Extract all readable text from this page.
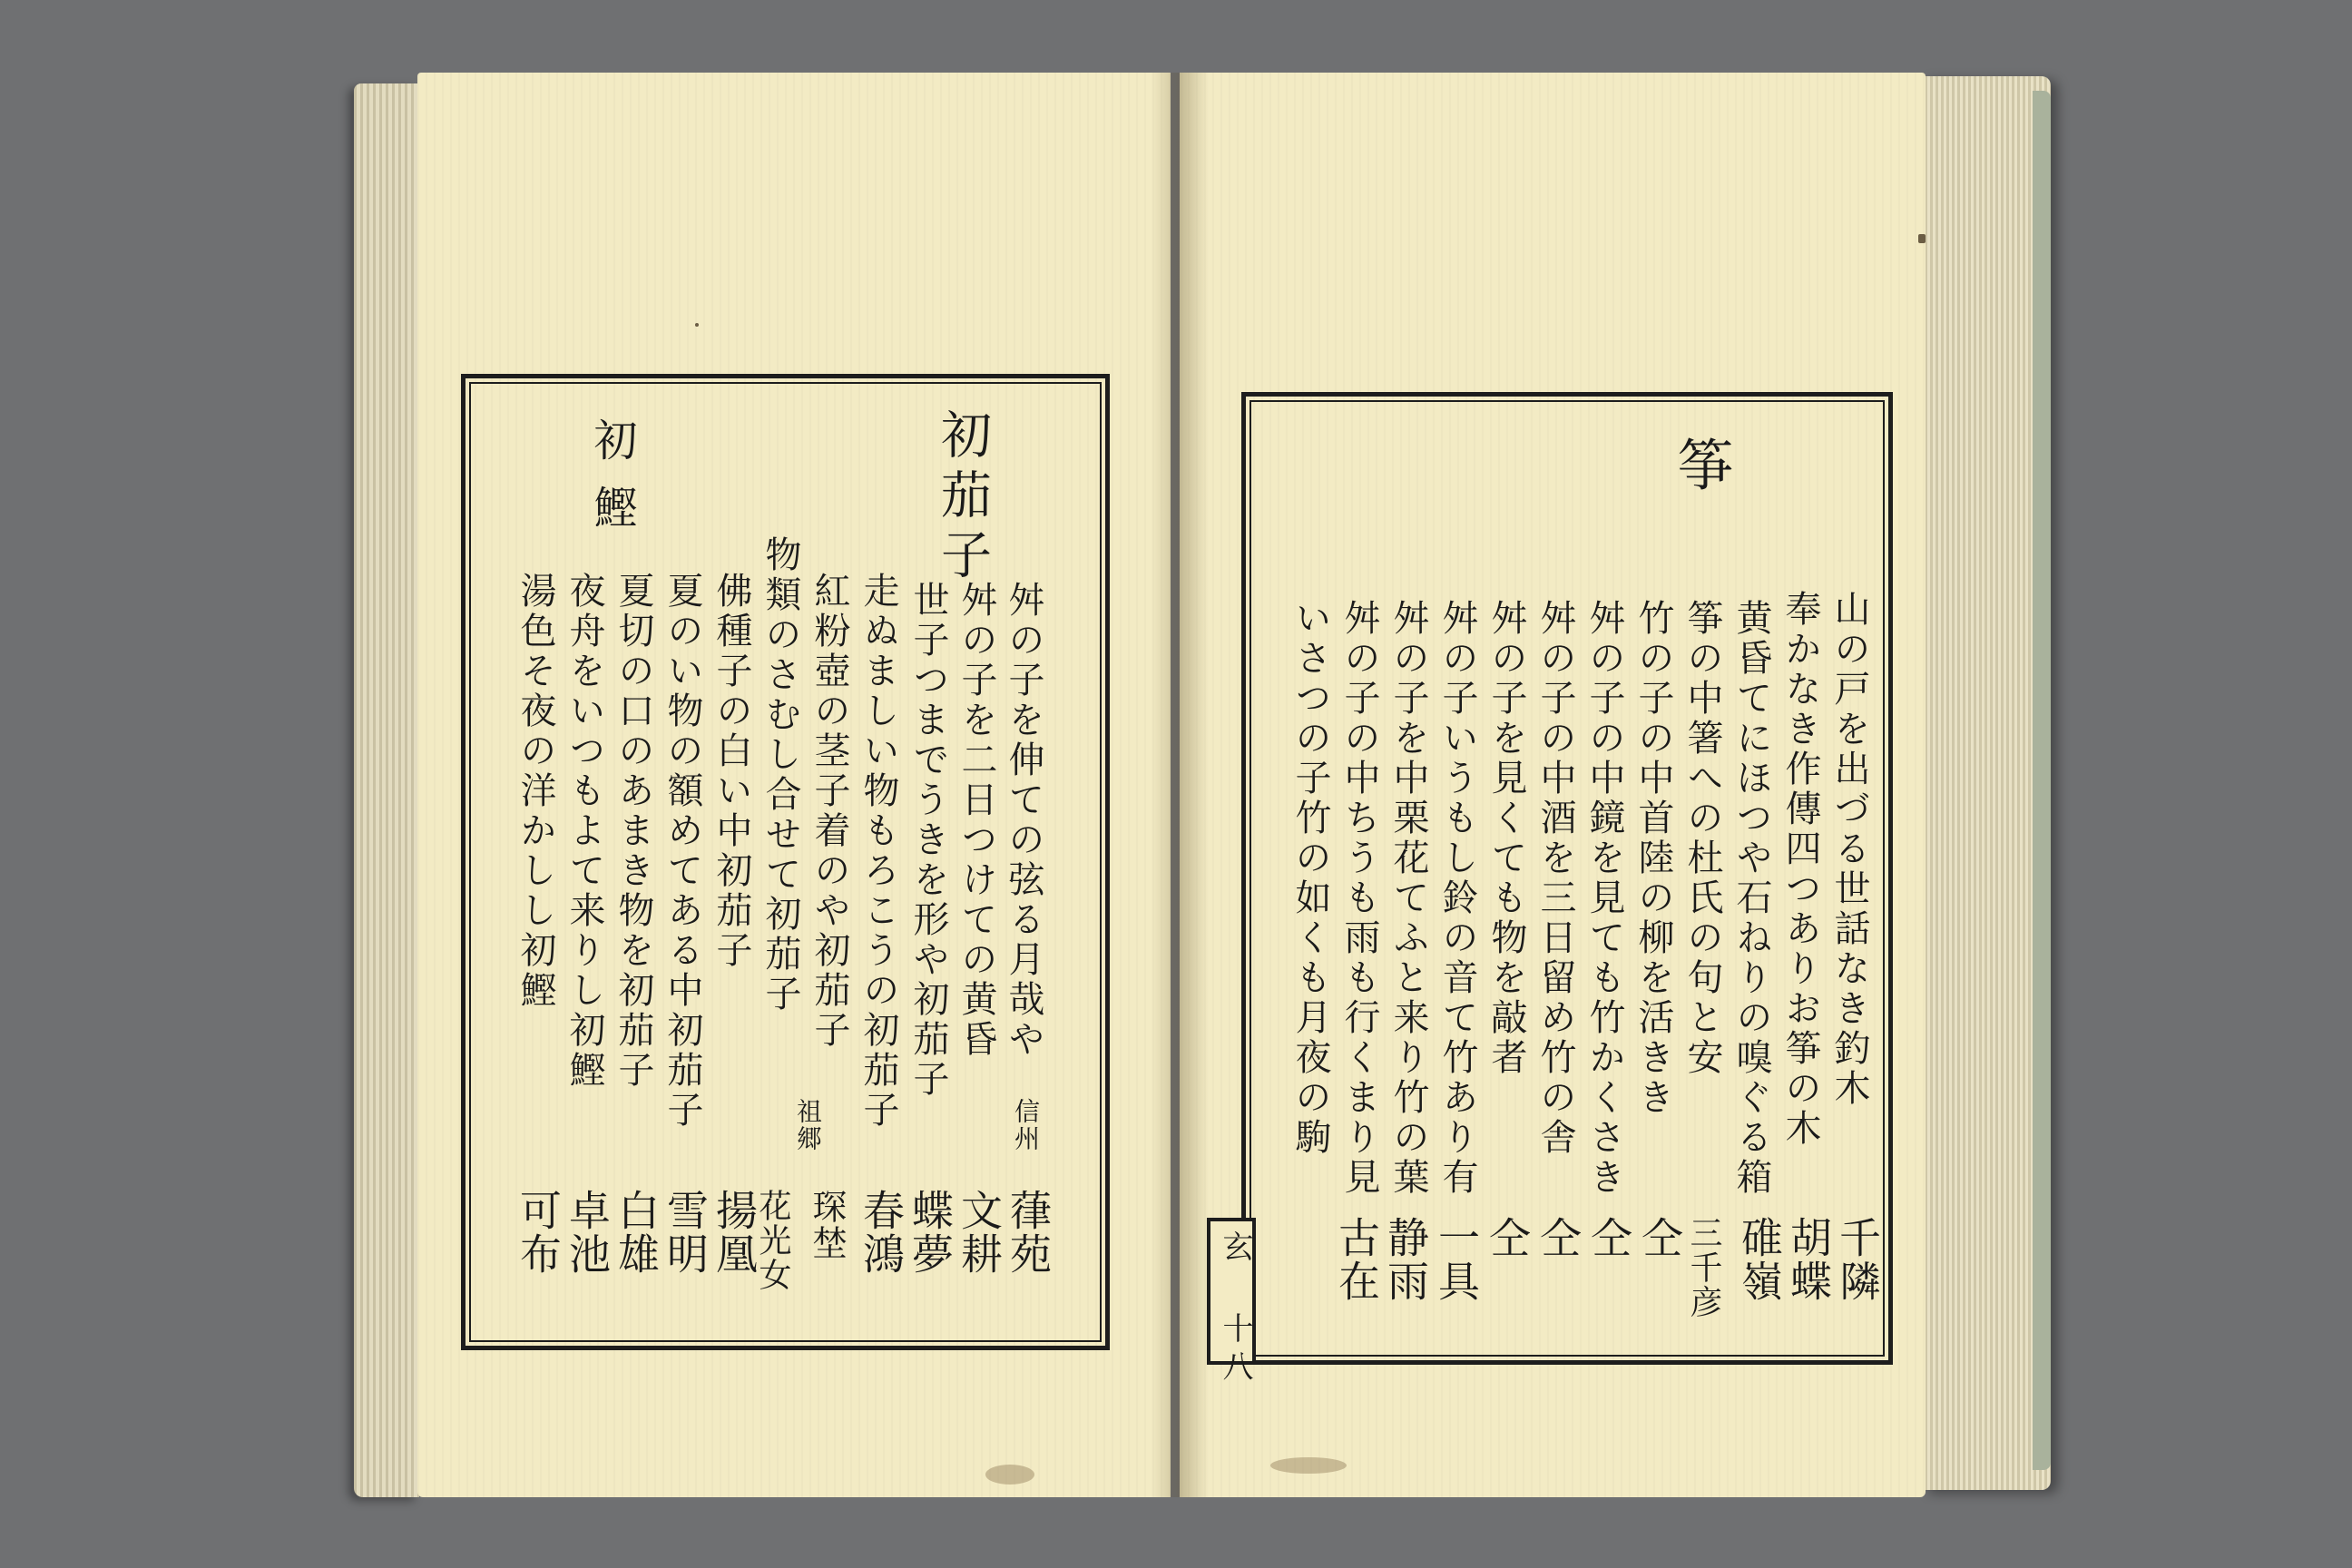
初茄子
初鰹
舛の子を伸ての弦る月哉や
舛の子を二日つけての黄昏
世子つまでうきを形や初茄子
走ぬましい物もろこうの初茄子
紅粉壺の茎子着のや初茄子
物類のさむし合せて初茄子
佛種子の白い中初茄子
夏のい物の額めてある中初茄子
夏切の口のあまき物を初茄子
夜舟をいつもよて来りし初鰹
湯色そ夜の洋かしし初鰹
信州
葎苑
文耕
蝶夢
春鴻
琛埜
祖郷
花光女
揚凰
雪明
白雄
卓池
可布
筝
山の戸を出づる世話なき釣木
奉かなき作傳四つありお筝の木
黄昏てにほつや石ねりの嗅ぐる箱
筝の中箸への杜氏の句と安
竹の子の中首陸の柳を活きき
舛の子の中鏡を見ても竹かくさき
舛の子の中酒を三日留め竹の舎
舛の子を見くても物を敲者
舛の子いうもし鈴の音て竹あり有
舛の子を中栗花てふと来り竹の葉
舛の子の中ちうも雨も行くまり見
いさつの子竹の如くも月夜の駒
千隣
胡蝶
碓嶺
三千彦
仝
仝
仝
仝
一具
静雨
古在
玄 十八
